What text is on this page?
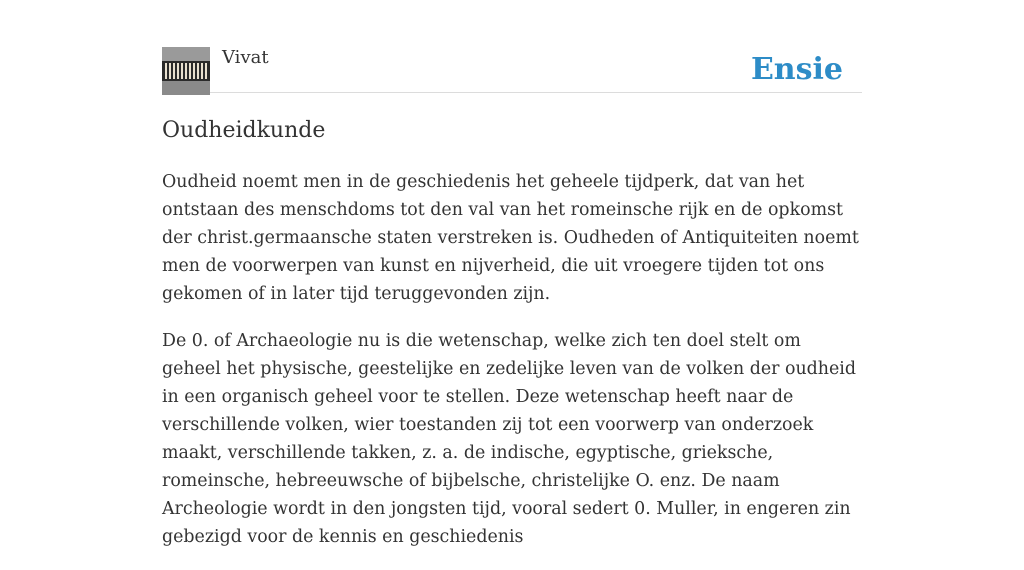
Vivat	Ensie
Oudheidkunde

Oudheid noemt men in de geschiedenis het geheele tijdperk, dat van het ontstaan des menschdoms tot den val van het romeinsche rijk en de opkomst der christ.germaansche staten verstreken is. Oudheden of Antiquiteiten noemt men de voorwerpen van kunst en nijverheid, die uit vroegere tijden tot ons gekomen of in later tijd teruggevonden zijn.

De 0. of Archaeologie nu is die wetenschap, welke zich ten doel stelt om geheel het physische, geestelijke en zedelijke leven van de volken der oudheid in een organisch geheel voor te stellen. Deze wetenschap heeft naar de verschillende volken, wier toestanden zij tot een voorwerp van onderzoek maakt, verschillende takken, z. a. de indische, egyptische, grieksche, romeinsche, hebreeuwsche of bijbelsche, christelijke O. enz. De naam Archeologie wordt in den jongsten tijd, vooral sedert 0. Muller, in engeren zin gebezigd voor de kennis en geschiedenis
